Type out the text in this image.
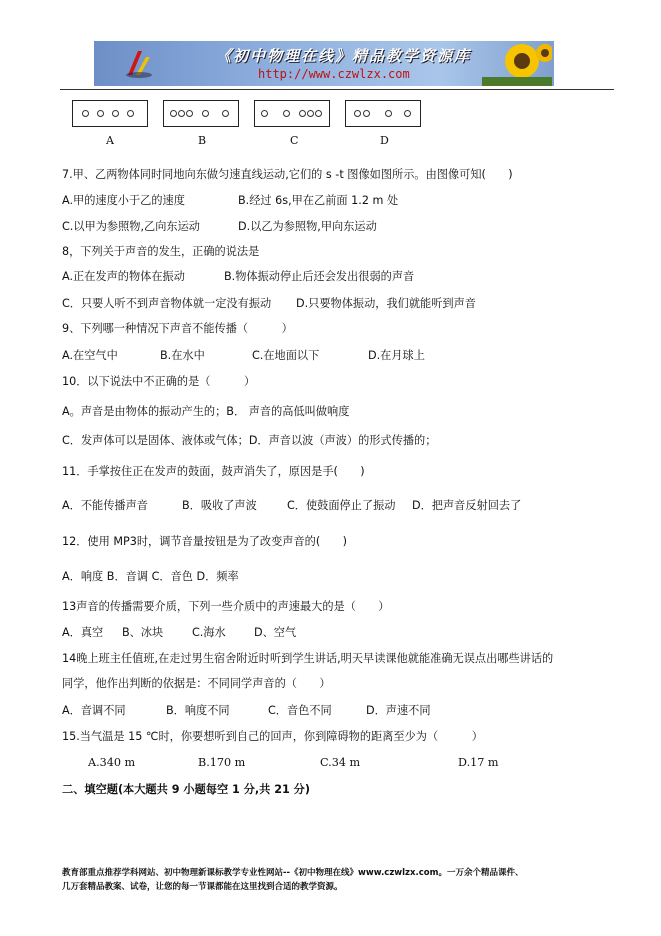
《初中物理在线》精品教学资源库
http://www.czwlzx.com
A	B	C	D
7.甲、乙两物体同时同地向东做匀速直线运动,它们的 s -t 图像如图所示。由图像可知(　　)
A.甲的速度小于乙的速度	B.经过 6s,甲在乙前面 1.2 m 处
C.以甲为参照物,乙向东运动	D.以乙为参照物,甲向东运动
8，下列关于声音的发生，正确的说法是
A.正在发声的物体在振动	B.物体振动停止后还会发出很弱的声音
C．只要人听不到声音物体就一定没有振动 D.只要物体振动，我们就能听到声音
9、下列哪一种情况下声音不能传播（　　　）
A.在空气中	B.在水中	C.在地面以下	D.在月球上
10．以下说法中不正确的是（　　　）
A。声音是由物体的振动产生的；B． 声音的高低叫做响度
C．发声体可以是固体、液体或气体；D．声音以波（声波）的形式传播的；
11．手掌按住正在发声的鼓面，鼓声消失了，原因是手(　　)
A．不能传播声音	B．吸收了声波	C．使鼓面停止了振动 D．把声音反射回去了
12．使用 MP3时，调节音量按钮是为了改变声音的(　　)
A．响度 B．音调 C．音色 D．频率
13声音的传播需要介质，下列一些介质中的声速最大的是（　　）
A．真空 B、冰块	C.海水	D、空气
14晚上班主任值班,在走过男生宿舍附近时听到学生讲话,明天早读课他就能准确无误点出哪些讲话的
同学，他作出判断的依据是：不同同学声音的（　　）
A．音调不同	B．响度不同	C．音色不同	D．声速不同
15.当气温是 15 ℃时，你要想听到自己的回声，你到障碍物的距离至少为（　　　）
A.340 m	B.170 m	C.34 m	D.17 m
二、填空题(本大题共 9 小题每空 1 分,共 21 分)
教育部重点推荐学科网站、初中物理新课标教学专业性网站--《初中物理在线》www.czwlzx.com。一万余个精品课件、
几万套精品教案、试卷，让您的每一节课都能在这里找到合适的教学资源。
